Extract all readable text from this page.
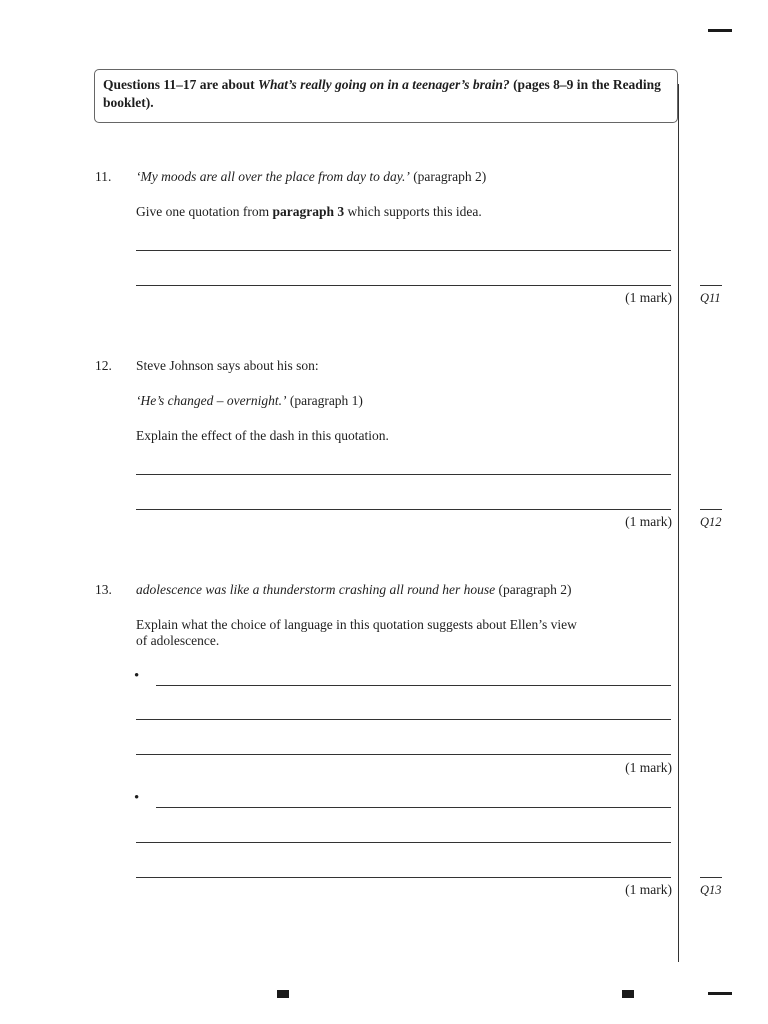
Questions 11–17 are about What’s really going on in a teenager’s brain? (pages 8–9 in the Reading booklet).
11. ‘My moods are all over the place from day to day.’ (paragraph 2)
Give one quotation from paragraph 3 which supports this idea.
(1 mark) Q11
12. Steve Johnson says about his son:
‘He’s changed – overnight.’ (paragraph 1)
Explain the effect of the dash in this quotation.
(1 mark) Q12
13. adolescence was like a thunderstorm crashing all round her house (paragraph 2)
Explain what the choice of language in this quotation suggests about Ellen’s view
of adolescence.
•
(1 mark)
•
(1 mark) Q13
